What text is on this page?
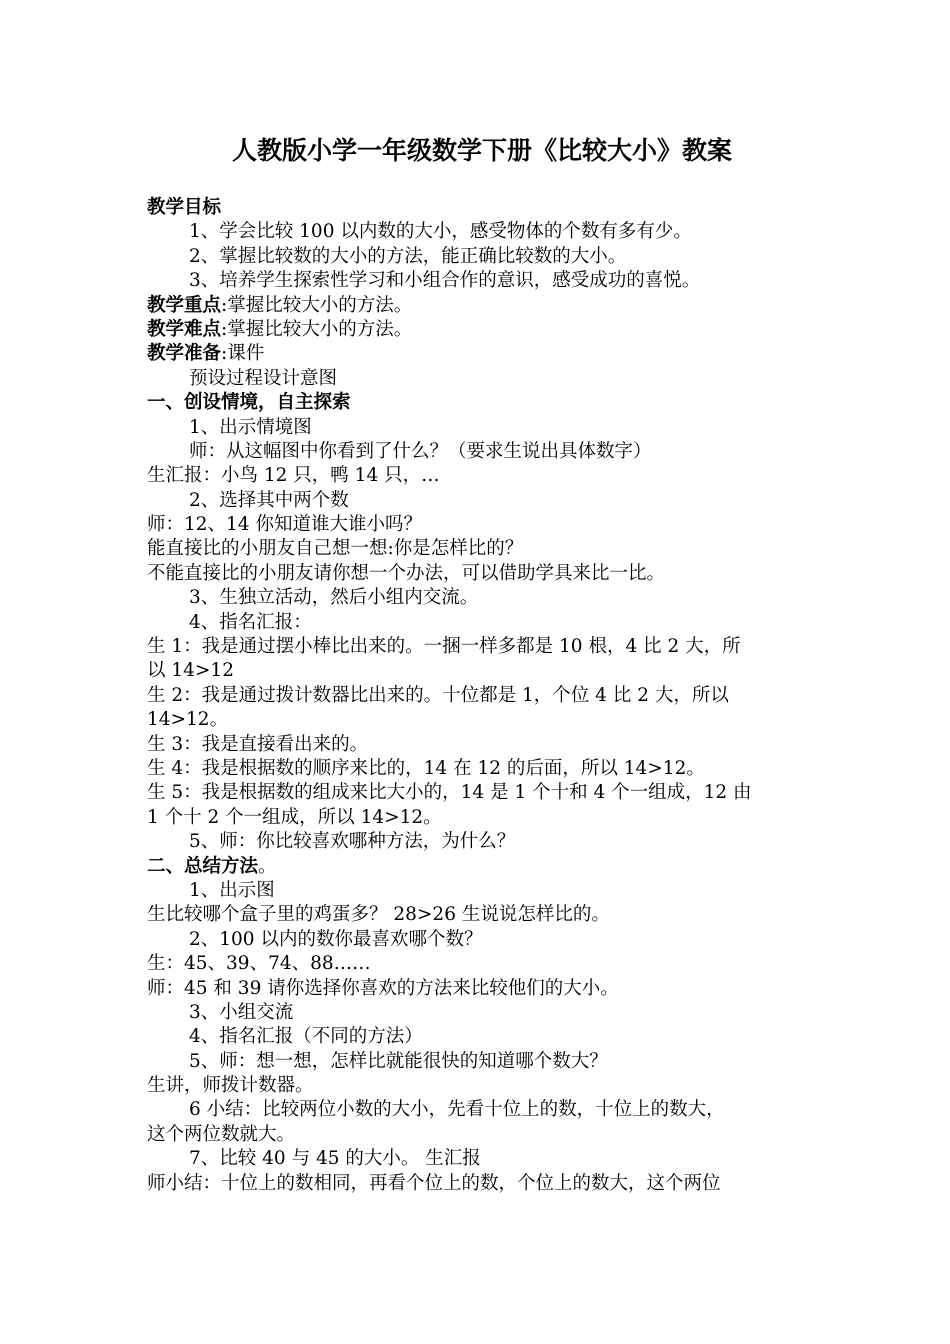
人教版小学一年级数学下册《比较大小》教案
教学目标
1、学会比较 100 以内数的大小，感受物体的个数有多有少。
2、掌握比较数的大小的方法，能正确比较数的大小。
3、培养学生探索性学习和小组合作的意识，感受成功的喜悦。
教学重点:掌握比较大小的方法。
教学难点:掌握比较大小的方法。
教学准备:课件
预设过程设计意图
一、创设情境，自主探索
1、出示情境图
师：从这幅图中你看到了什么？（要求生说出具体数字）
生汇报：小鸟 12 只，鸭 14 只，…
2、选择其中两个数
师：12、14 你知道谁大谁小吗？
能直接比的小朋友自己想一想:你是怎样比的？
不能直接比的小朋友请你想一个办法，可以借助学具来比一比。
3、生独立活动，然后小组内交流。
4、指名汇报：
生 1：我是通过摆小棒比出来的。一捆一样多都是 10 根，4 比 2 大，所
以 14>12
生 2：我是通过拨计数器比出来的。十位都是 1，个位 4 比 2 大，所以
14>12。
生 3：我是直接看出来的。
生 4：我是根据数的顺序来比的，14 在 12 的后面，所以 14>12。
生 5：我是根据数的组成来比大小的，14 是 1 个十和 4 个一组成，12 由
1 个十 2 个一组成，所以 14>12。
5、师：你比较喜欢哪种方法，为什么？
二、总结方法。
1、出示图
生比较哪个盒子里的鸡蛋多？ 28>26 生说说怎样比的。
2、100 以内的数你最喜欢哪个数？
生：45、39、74、88……
师：45 和 39 请你选择你喜欢的方法来比较他们的大小。
3、小组交流
4、指名汇报（不同的方法）
5、师：想一想，怎样比就能很快的知道哪个数大？
生讲，师拨计数器。
6 小结：比较两位小数的大小，先看十位上的数，十位上的数大，
这个两位数就大。
7、比较 40 与 45 的大小。 生汇报
师小结：十位上的数相同，再看个位上的数，个位上的数大，这个两位
